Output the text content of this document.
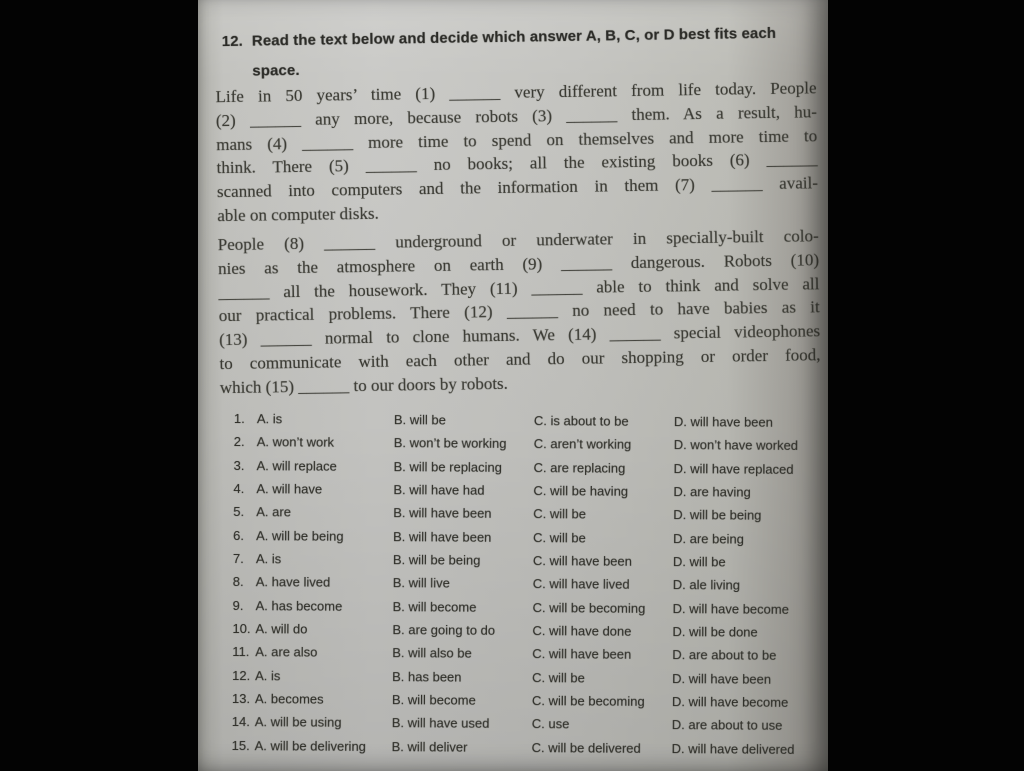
12. Read the text below and decide which answer A, B, C, or D best fits each
space.
Life in 50 years’ time (1) ______ very different from life today. People
(2) ______ any more, because robots (3) ______ them. As a result, hu-
mans (4) ______ more time to spend on themselves and more time to
think. There (5) ______ no books; all the existing books (6) ______
scanned into computers and the information in them (7) ______ avail-
able on computer disks.
People (8) ______ underground or underwater in specially-built colo-
nies as the atmosphere on earth (9) ______ dangerous. Robots (10)
______ all the housework. They (11) ______ able to think and solve all
our practical problems. There (12) ______ no need to have babies as it
(13) ______ normal to clone humans. We (14) ______ special videophones
to communicate with each other and do our shopping or order food,
which (15) ______ to our doors by robots.
1. A. is	B. will be	C. is about to be	D. will have been
2. A. won’t work	B. won’t be working	C. aren’t working	D. won’t have worked
3. A. will replace	B. will be replacing	C. are replacing	D. will have replaced
4. A. will have	B. will have had	C. will be having	D. are having
5. A. are	B. will have been	C. will be	D. will be being
6. A. will be being	B. will have been	C. will be	D. are being
7. A. is	B. will be being	C. will have been	D. will be
8. A. have lived	B. will live	C. will have lived	D. ale living
9. A. has become	B. will become	C. will be becoming	D. will have become
10. A. will do	B. are going to do	C. will have done	D. will be done
11. A. are also	B. will also be	C. will have been	D. are about to be
12. A. is	B. has been	C. will be	D. will have been
13. A. becomes	B. will become	C. will be becoming	D. will have become
14. A. will be using	B. will have used	C. use	D. are about to use
15. A. will be delivering	B. will deliver	C. will be delivered	D. will have delivered
